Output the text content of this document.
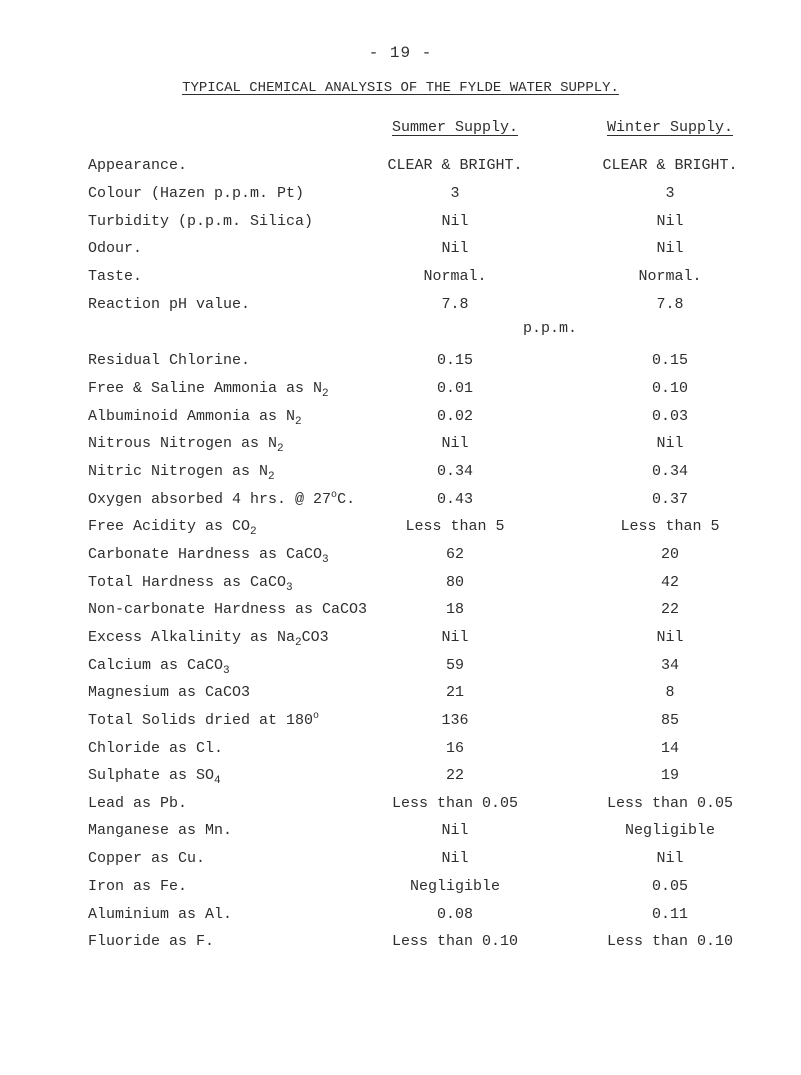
- 19 -
TYPICAL CHEMICAL ANALYSIS OF THE FYLDE WATER SUPPLY.
Summer Supply.	Winter Supply.
p.p.m.
Appearance.	CLEAR & BRIGHT.	CLEAR & BRIGHT.
Colour (Hazen p.p.m. Pt)	3	3
Turbidity (p.p.m. Silica)	Nil	Nil
Odour.	Nil	Nil
Taste.	Normal.	Normal.
Reaction pH value.	7.8	7.8
Residual Chlorine.	0.15	0.15
Free & Saline Ammonia as $N_2$	0.01	0.10
Albuminoid Ammonia as $N_2$	0.02	0.03
Nitrous Nitrogen as $N_2$	Nil	Nil
Nitric Nitrogen as $N_2$	0.34	0.34
Oxygen absorbed 4 hrs. @ 27$^o$C.	0.43	0.37
Free Acidity as $CO_2$	Less than 5	Less than 5
Carbonate Hardness as CaCO$_3$	62	20
Total Hardness as CaCO$_3$	80	42
Non-carbonate Hardness as CaCO3	18	22
Excess Alkalinity as $Na_2CO3$	Nil	Nil
Calcium as CaCO$_3$	59	34
Magnesium as CaCO3	21	8
Total Solids dried at 180$^o$	136	85
Chloride as Cl.	16	14
Sulphate as $SO_4$	22	19
Lead as Pb.	Less than 0.05	Less than 0.05
Manganese as Mn.	Nil	Negligible
Copper as Cu.	Nil	Nil
Iron as Fe.	Negligible	0.05
Aluminium as Al.	0.08	0.11
Fluoride as F.	Less than 0.10	Less than 0.10
